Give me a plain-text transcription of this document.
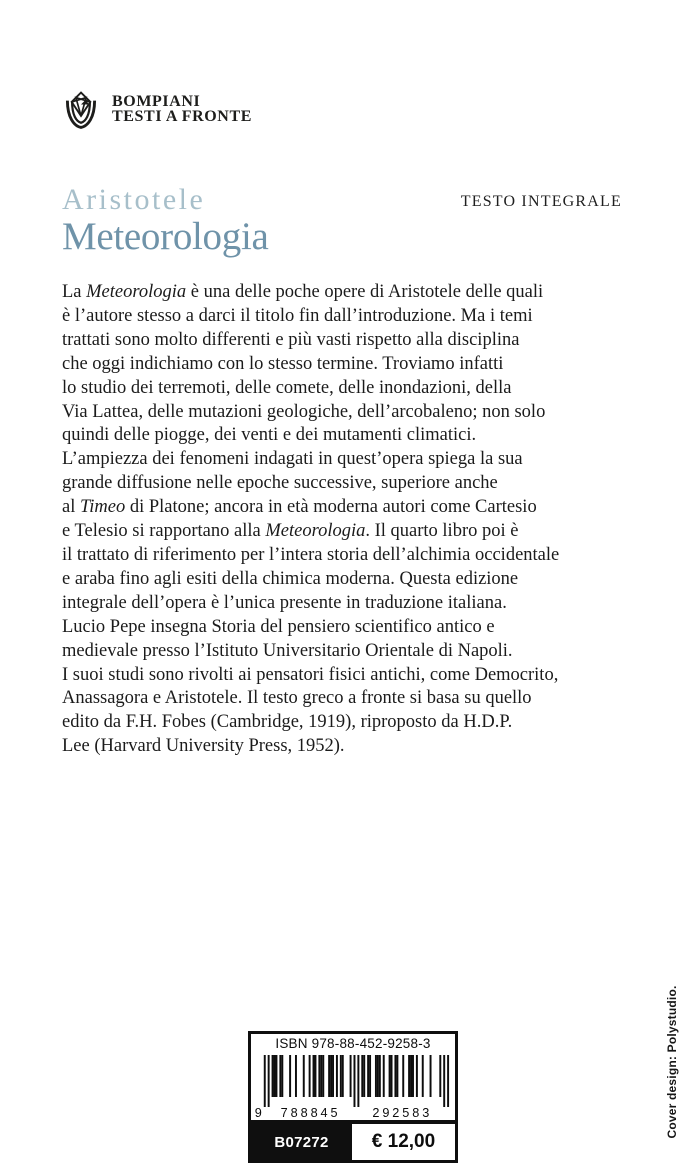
BOMPIANI
TESTI A FRONTE
TESTO INTEGRALE
Aristotele
Meteorologia
La Meteorologia è una delle poche opere di Aristotele delle quali
è l’autore stesso a darci il titolo fin dall’introduzione. Ma i temi
trattati sono molto differenti e più vasti rispetto alla disciplina
che oggi indichiamo con lo stesso termine. Troviamo infatti
lo studio dei terremoti, delle comete, delle inondazioni, della
Via Lattea, delle mutazioni geologiche, dell’arcobaleno; non solo
quindi delle piogge, dei venti e dei mutamenti climatici.
L’ampiezza dei fenomeni indagati in quest’opera spiega la sua
grande diffusione nelle epoche successive, superiore anche
al Timeo di Platone; ancora in età moderna autori come Cartesio
e Telesio si rapportano alla Meteorologia. Il quarto libro poi è
il trattato di riferimento per l’intera storia dell’alchimia occidentale
e araba fino agli esiti della chimica moderna. Questa edizione
integrale dell’opera è l’unica presente in traduzione italiana.
Lucio Pepe insegna Storia del pensiero scientifico antico e
medievale presso l’Istituto Universitario Orientale di Napoli.
I suoi studi sono rivolti ai pensatori fisici antichi, come Democrito,
Anassagora e Aristotele. Il testo greco a fronte si basa su quello
edito da F.H. Fobes (Cambridge, 1919), riproposto da H.D.P.
Lee (Harvard University Press, 1952).
Cover design: Polystudio.
ISBN 978-88-452-9258-3
9 788845 292583
B07272	€ 12,00
